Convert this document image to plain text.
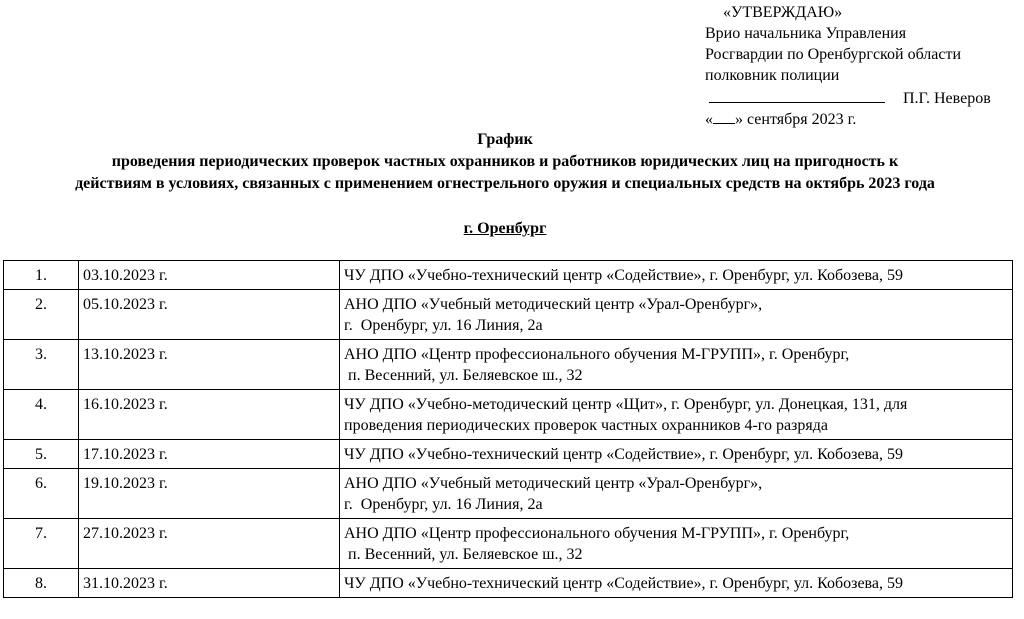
«УТВЕРЖДАЮ»
Врио начальника Управления
Росгвардии по Оренбургской области
полковник полиции
П.Г. Неверов
« » сентября 2023 г.
График
проведения периодических проверок частных охранников и работников юридических лиц на пригодность к
действиям в условиях, связанных с применением огнестрельного оружия и специальных средств на октябрь 2023 года
г. Оренбург
1.	03.10.2023 г.	ЧУ ДПО «Учебно-технический центр «Содействие», г. Оренбург, ул. Кобозева, 59

2.	05.10.2023 г.	АНО ДПО «Учебный методический центр «Урал-Оренбург»,
г.  Оренбург, ул. 16 Линия, 2а

3.	13.10.2023 г.	АНО ДПО «Центр профессионального обучения М-ГРУПП», г. Оренбург,
п. Весенний, ул. Беляевское ш., 32

4.	16.10.2023 г.	ЧУ ДПО «Учебно-методический центр «Щит», г. Оренбург, ул. Донецкая, 131, для
проведения периодических проверок частных охранников 4-го разряда

5.	17.10.2023 г.	ЧУ ДПО «Учебно-технический центр «Содействие», г. Оренбург, ул. Кобозева, 59

6.	19.10.2023 г.	АНО ДПО «Учебный методический центр «Урал-Оренбург»,
г.  Оренбург, ул. 16 Линия, 2а

7.	27.10.2023 г.	АНО ДПО «Центр профессионального обучения М-ГРУПП», г. Оренбург,
п. Весенний, ул. Беляевское ш., 32

8.	31.10.2023 г.	ЧУ ДПО «Учебно-технический центр «Содействие», г. Оренбург, ул. Кобозева, 59
